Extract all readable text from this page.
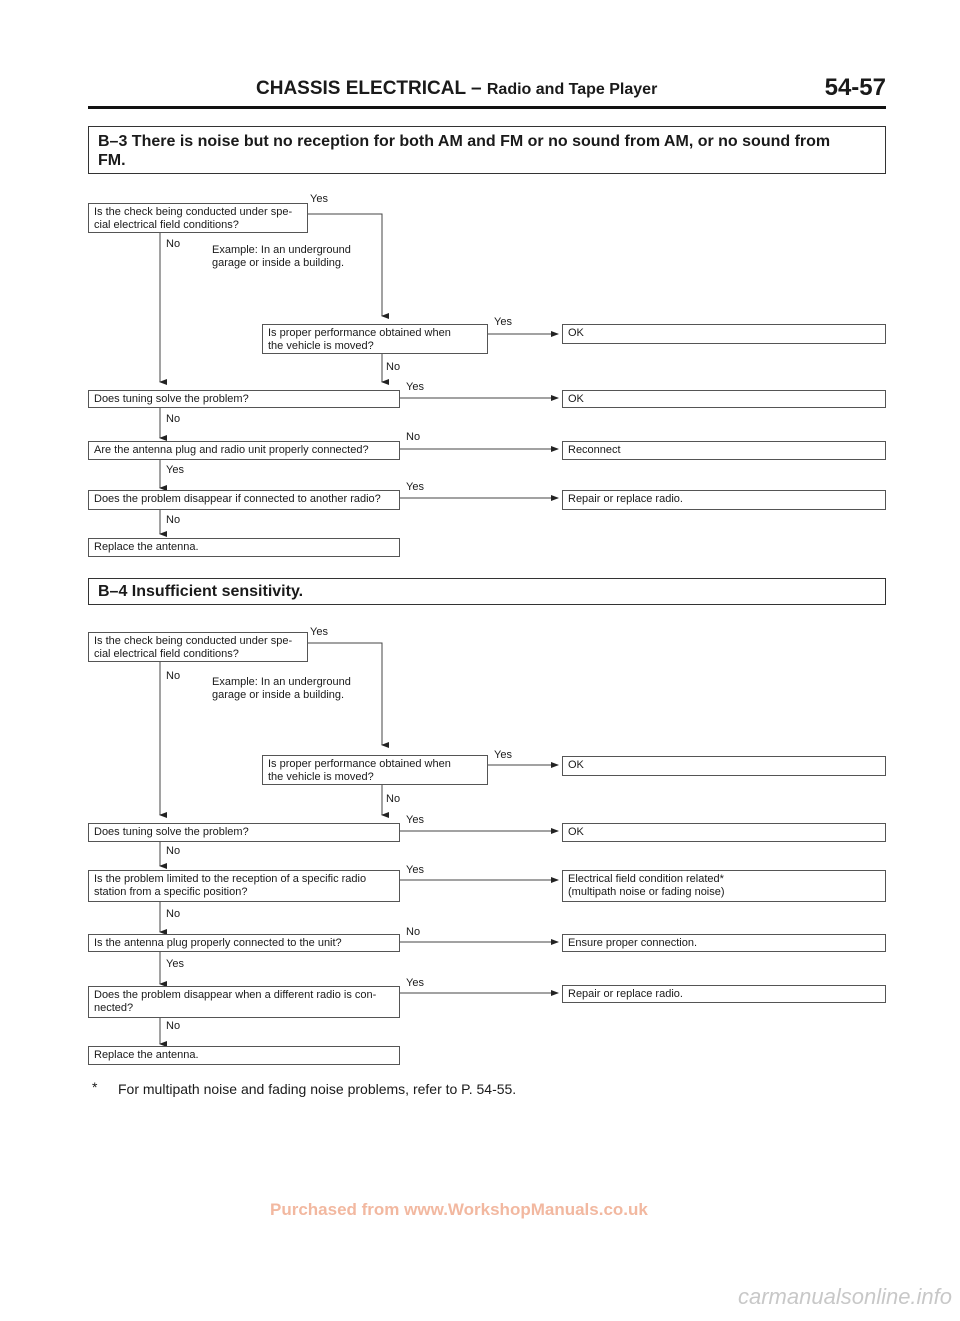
CHASSIS ELECTRICAL – Radio and Tape Player	54-57
B–3 There is noise but no reception for both AM and FM or no sound from AM, or no sound from
FM.
Is the check being conducted under spe-
cial electrical field conditions?
Yes
No	Example: In an underground
garage or inside a building.
Is proper performance obtained when
the vehicle is moved?
Yes
No
OK
Does tuning solve the problem?
Yes
No
OK
Are the antenna plug and radio unit properly connected?
No
Yes
Reconnect
Does the problem disappear if connected to another radio?
Yes
No
Repair or replace radio.
Replace the antenna.
B–4 Insufficient sensitivity.
Is the check being conducted under spe-
cial electrical field conditions?
Yes
No	Example: In an underground
garage or inside a building.
Is proper performance obtained when
the vehicle is moved?
Yes
No
OK
Does tuning solve the problem?
Yes
No
OK
Is the problem limited to the reception of a specific radio
station from a specific position?
Yes
No
Electrical field condition related*
(multipath noise or fading noise)
Is the antenna plug properly connected to the unit?
No
Yes
Ensure proper connection.
Does the problem disappear when a different radio is con-
nected?
Yes
No
Repair or replace radio.
Replace the antenna.
* For multipath noise and fading noise problems, refer to P. 54-55.
Purchased from www.WorkshopManuals.co.uk
carmanualsonline.info
